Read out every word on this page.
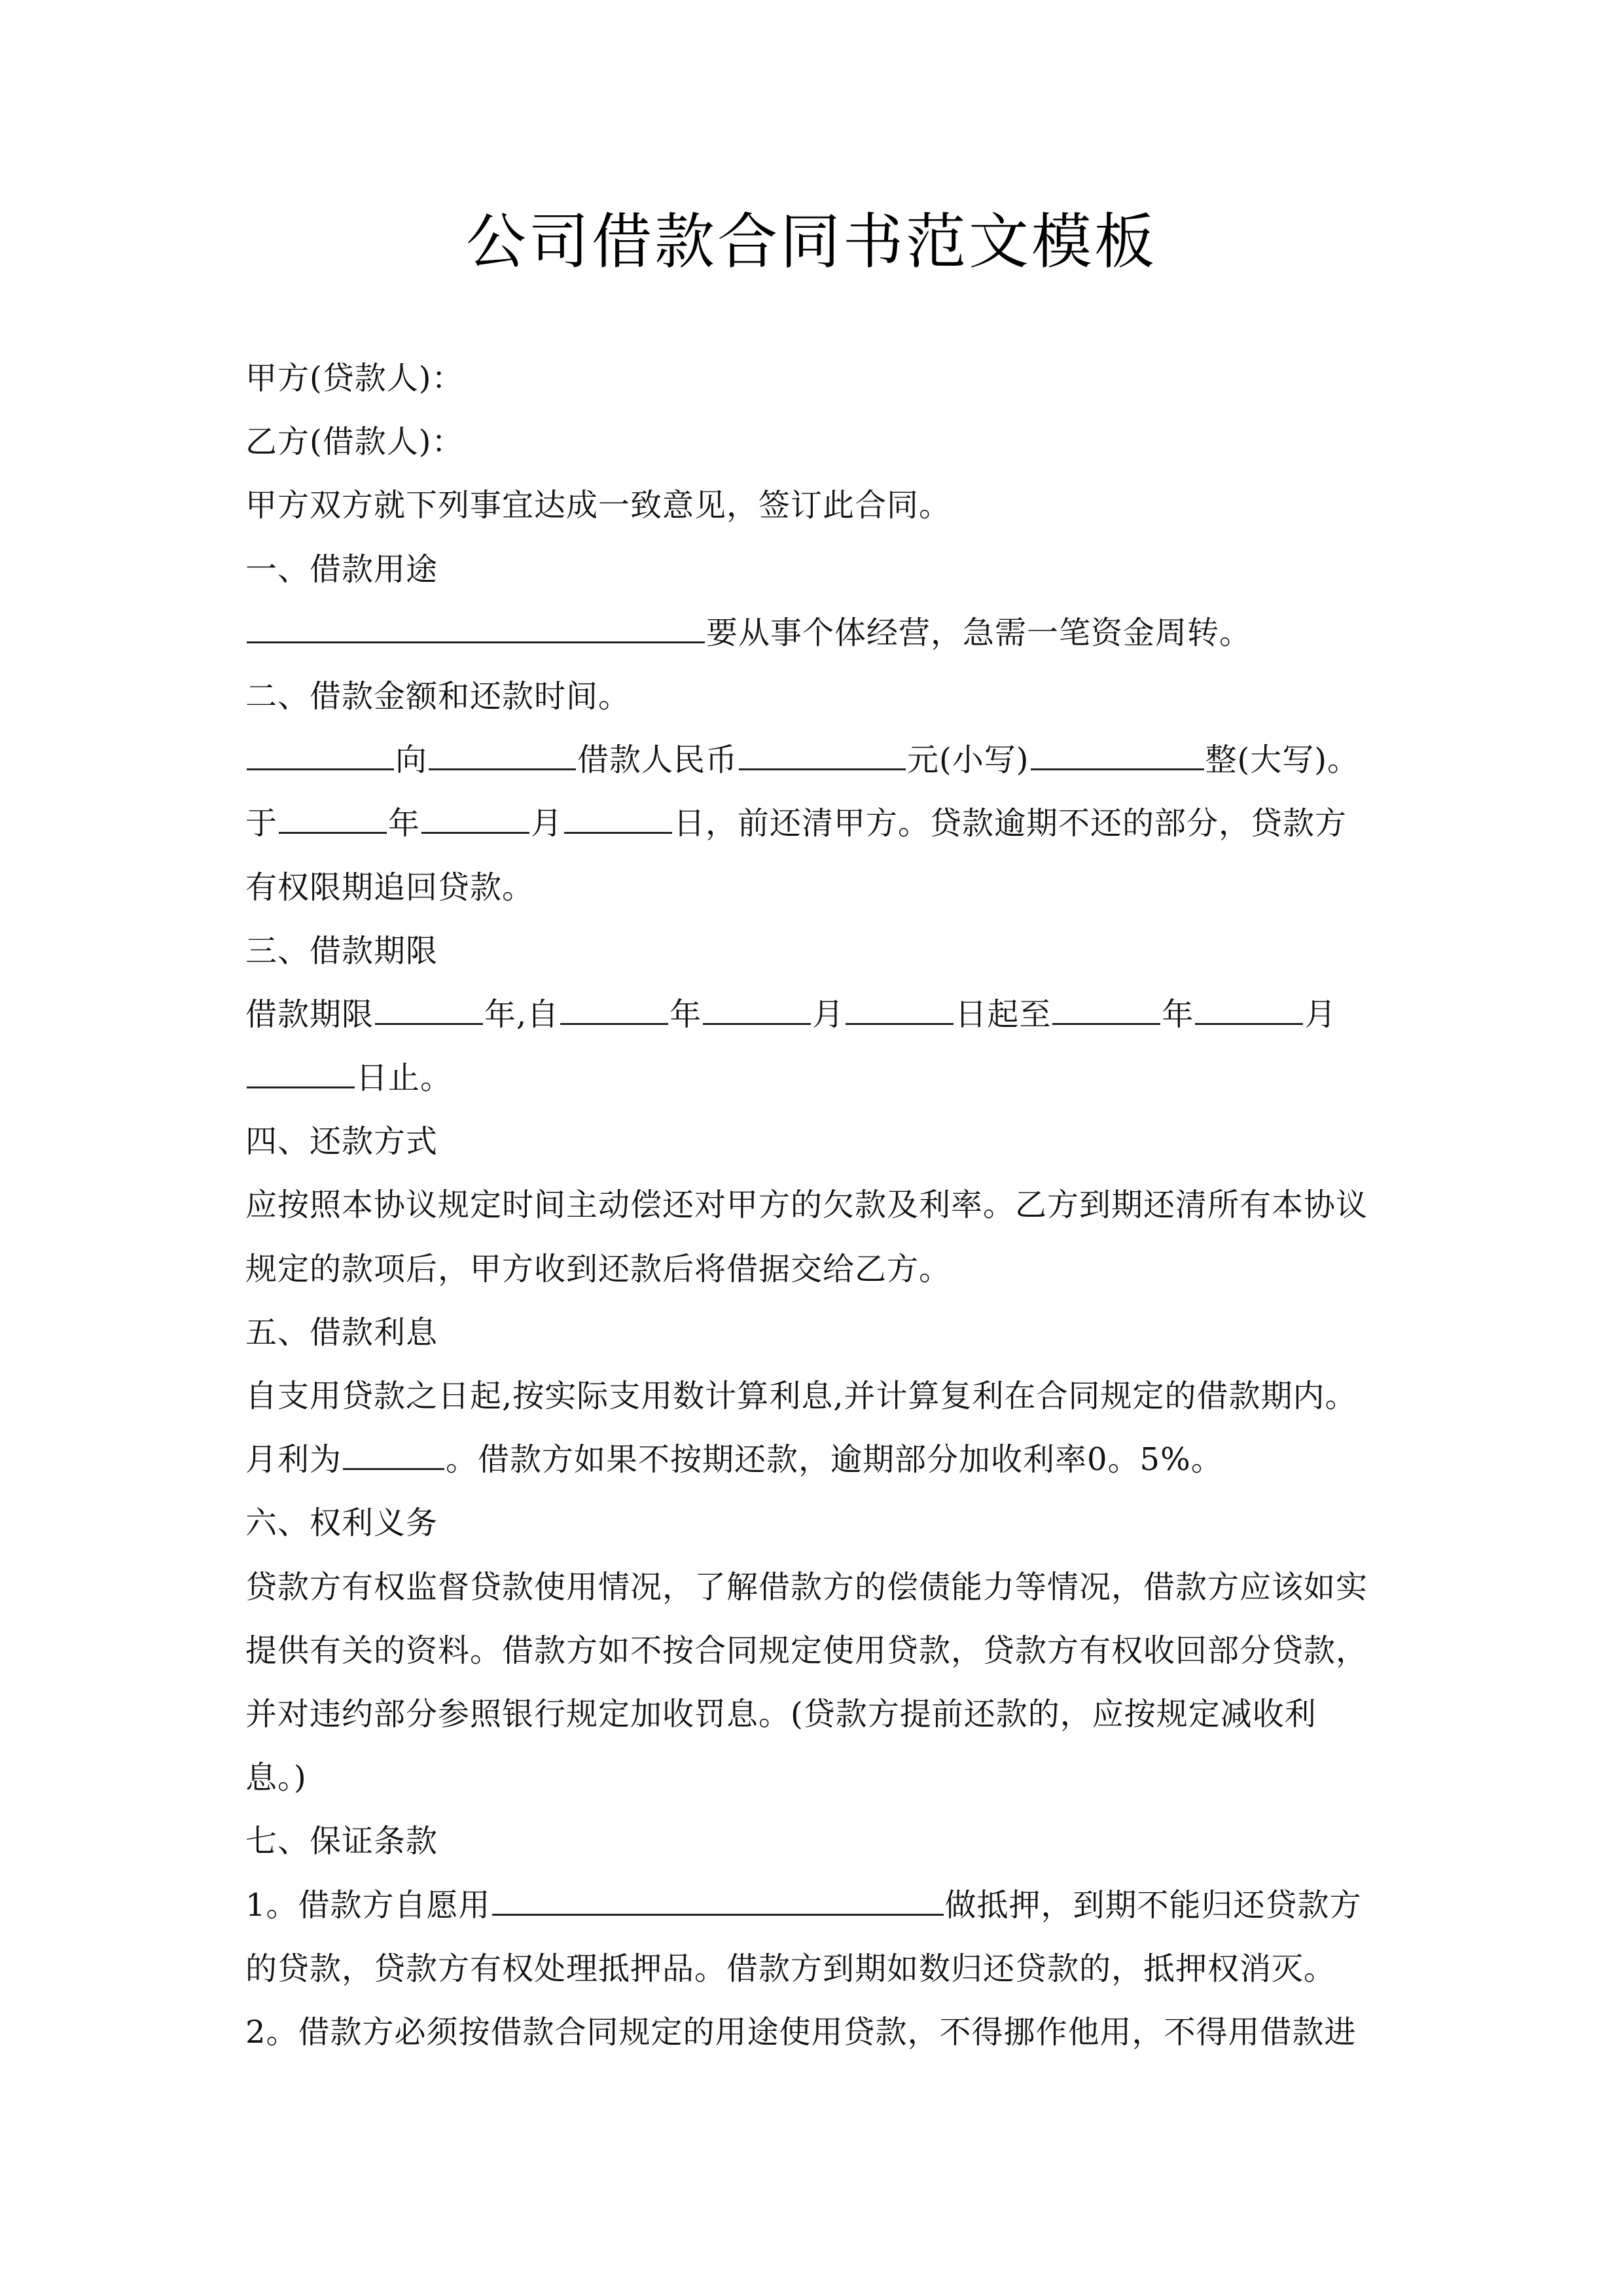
公司借款合同书范文模板
甲方(贷款人)：
乙方(借款人)：
甲方双方就下列事宜达成一致意见，签订此合同。
一、借款用途
要从事个体经营，急需一笔资金周转。
二、借款金额和还款时间。
向	借款人民币	元(小写)	整(大写)。
于	年	月	日，前还清甲方。贷款逾期不还的部分，贷款方
有权限期追回贷款。
三、借款期限
借款期限	年,自	年	月	日起至	年	月
日止。
四、还款方式
应按照本协议规定时间主动偿还对甲方的欠款及利率。乙方到期还清所有本协议
规定的款项后，甲方收到还款后将借据交给乙方。
五、借款利息
自支用贷款之日起,按实际支用数计算利息,并计算复利在合同规定的借款期内。
月利为	。借款方如果不按期还款，逾期部分加收利率0。5%。
六、权利义务
贷款方有权监督贷款使用情况，了解借款方的偿债能力等情况，借款方应该如实
提供有关的资料。借款方如不按合同规定使用贷款，贷款方有权收回部分贷款，
并对违约部分参照银行规定加收罚息。(贷款方提前还款的，应按规定减收利
息。)
七、保证条款
1。借款方自愿用	做抵押，到期不能归还贷款方
的贷款，贷款方有权处理抵押品。借款方到期如数归还贷款的，抵押权消灭。
2。借款方必须按借款合同规定的用途使用贷款，不得挪作他用，不得用借款进
